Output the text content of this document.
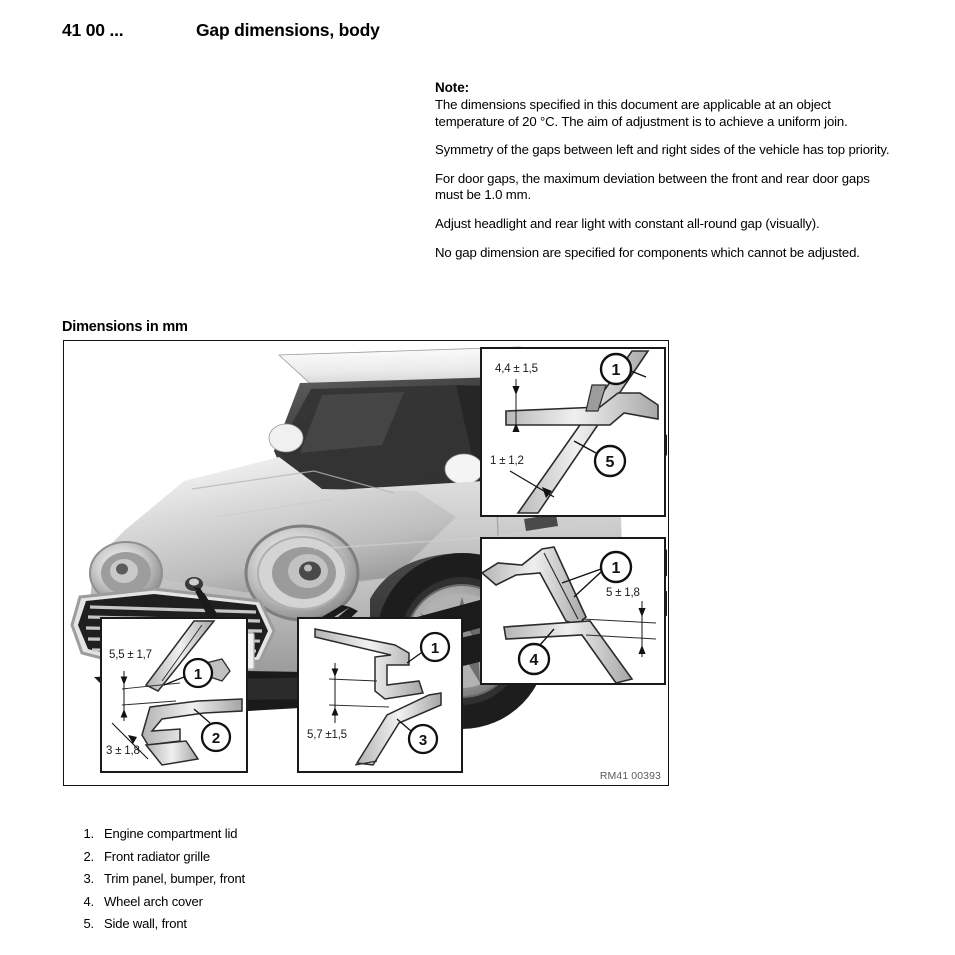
41 00 ...	Gap dimensions, body
Note:

The dimensions specified in this document are applicable at an object temperature of 20 °C. The aim of adjustment is to achieve a uniform join.

Symmetry of the gaps between left and right sides of the vehicle has top priority.

For door gaps, the maximum deviation between the front and rear door gaps must be 1.0 mm.

Adjust headlight and rear light with constant all-round gap (visually).

No gap dimension are specified for components which cannot be adjusted.

Dimensions in mm
1
5
4,4 ± 1,5
1 ± 1,2
1
4
5 ± 1,8
1
2
5,5 ± 1,7
3 ± 1,8
1
3
5,7 ±1,5
RM41 00393
1. Engine compartment lid
2. Front radiator grille
3. Trim panel, bumper, front
4. Wheel arch cover
5. Side wall, front
